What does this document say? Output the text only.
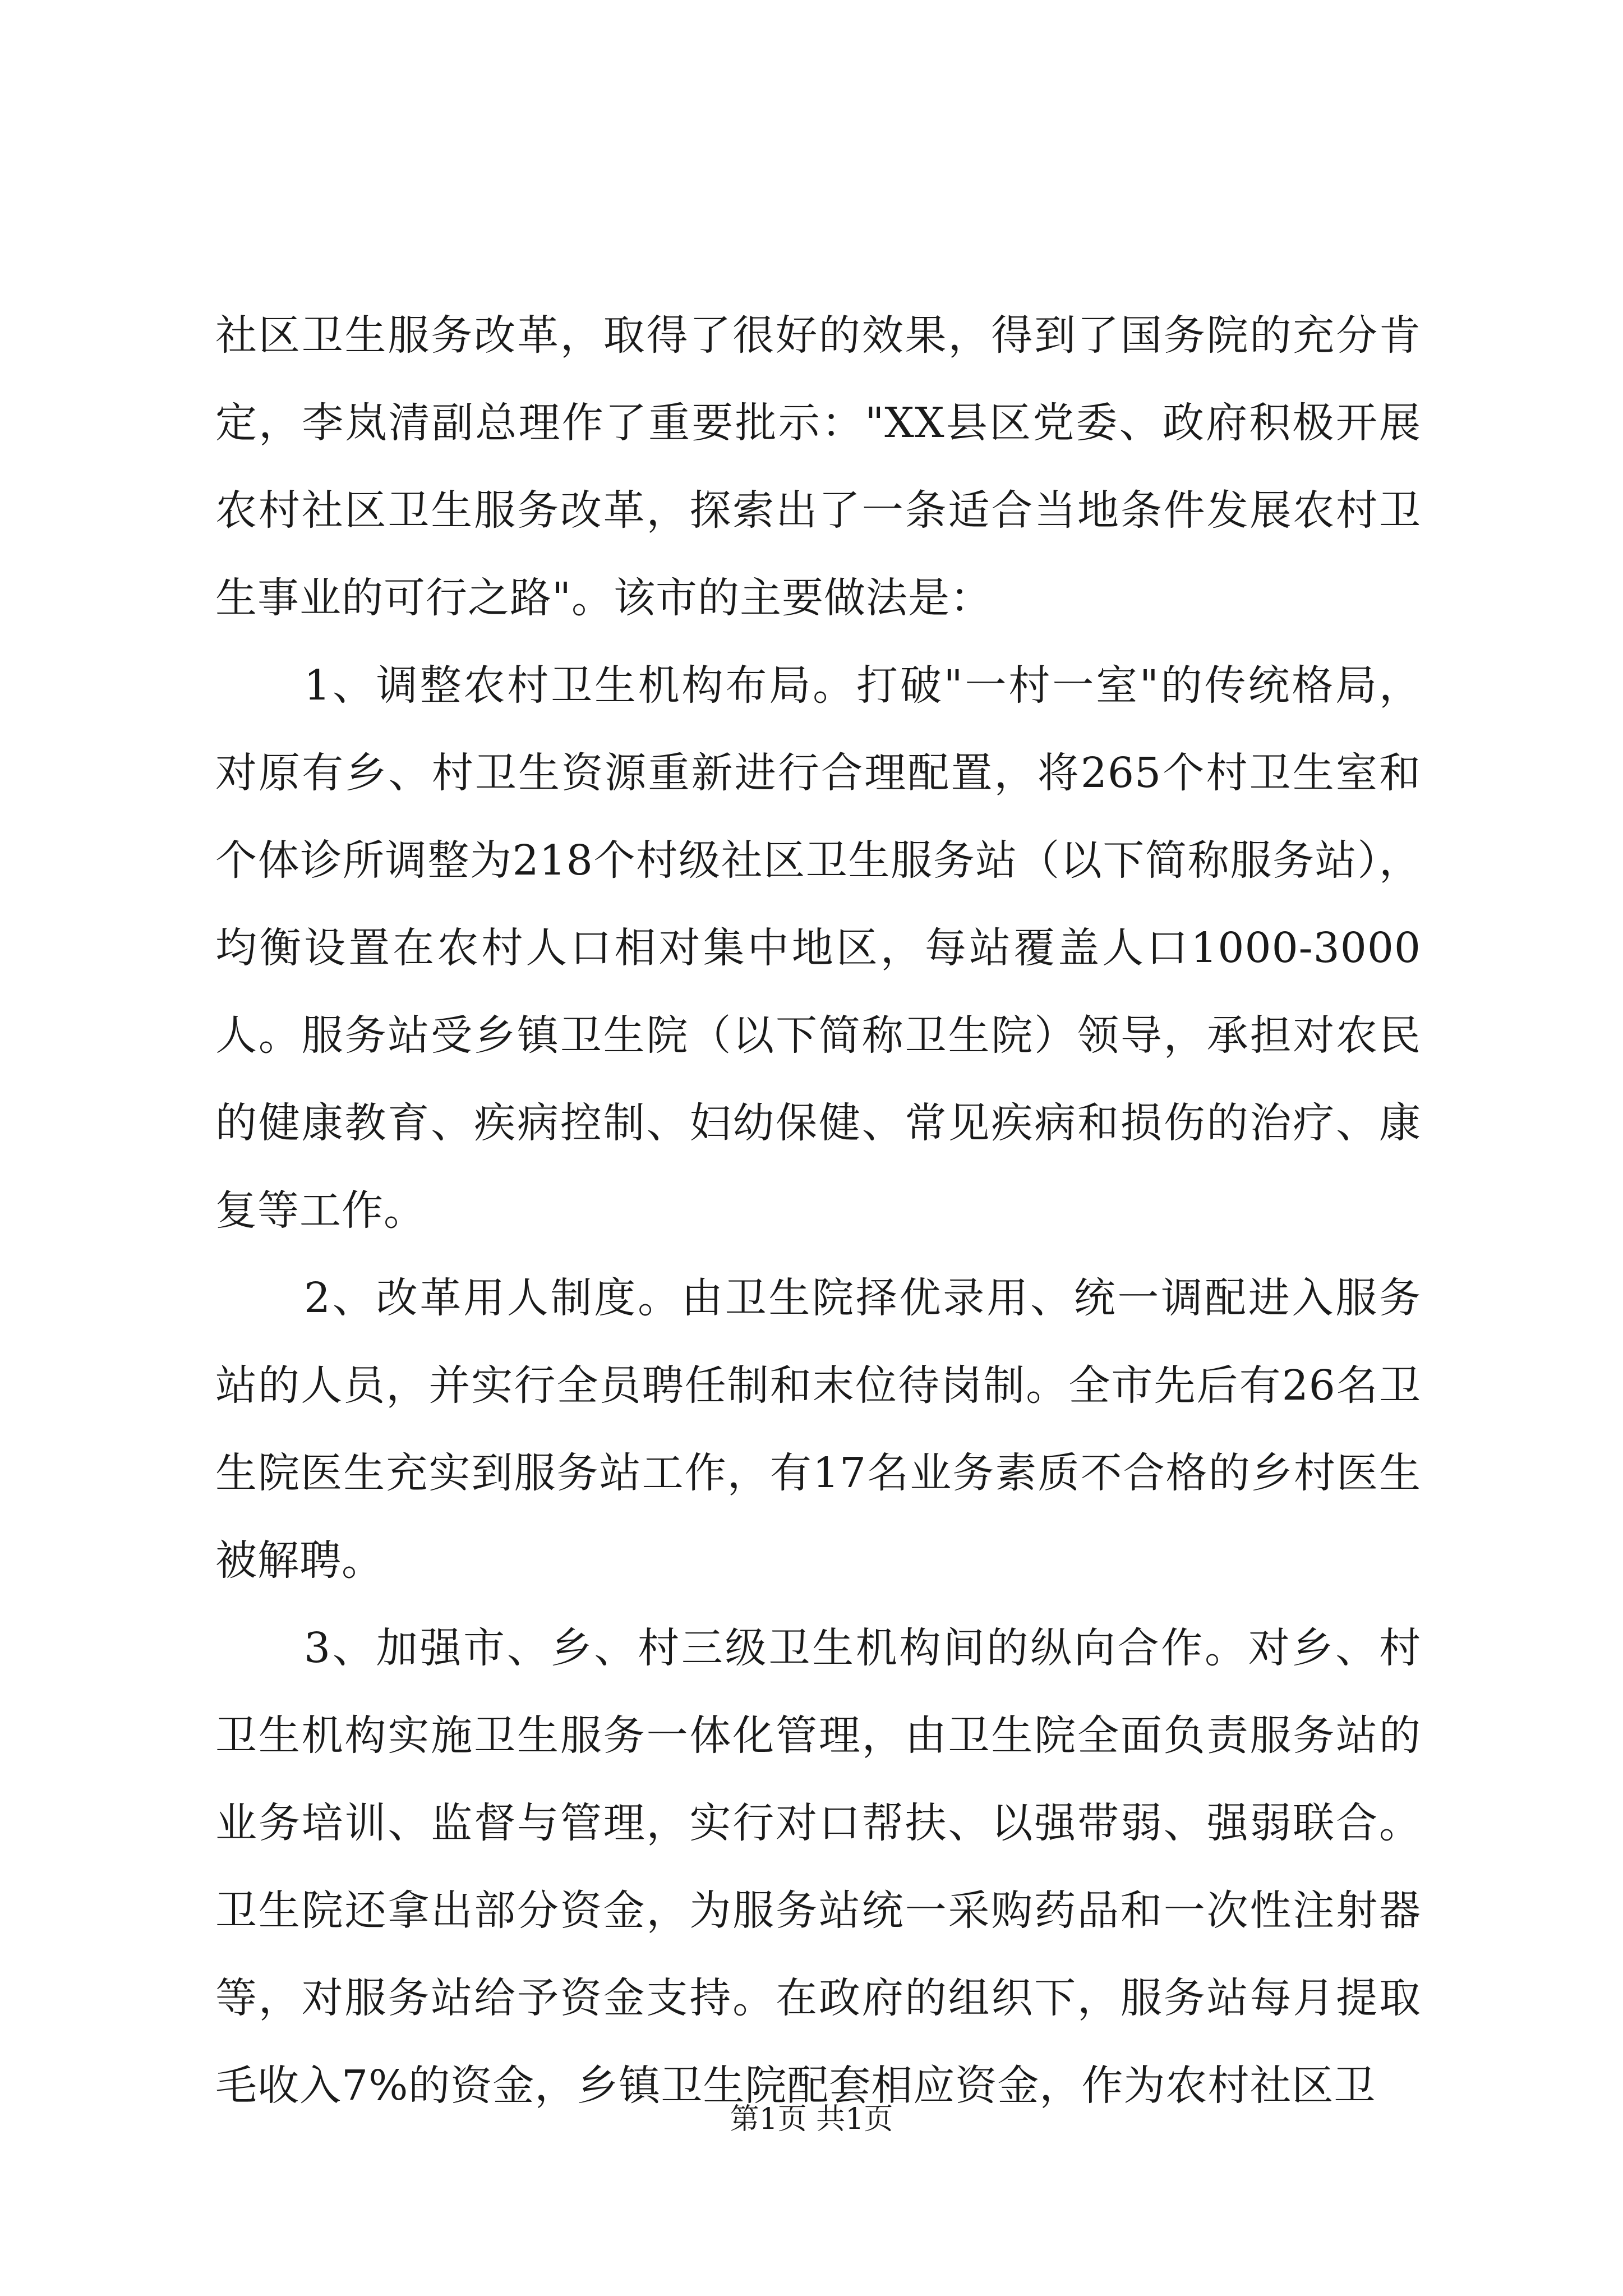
社区卫生服务改革，取得了很好的效果，得到了国务院的充分肯定，李岚清副总理作了重要批示："XX县区党委、政府积极开展农村社区卫生服务改革，探索出了一条适合当地条件发展农村卫生事业的可行之路"。该市的主要做法是：

1、调整农村卫生机构布局。打破"一村一室"的传统格局，对原有乡、村卫生资源重新进行合理配置，将265个村卫生室和个体诊所调整为218个村级社区卫生服务站（以下简称服务站），均衡设置在农村人口相对集中地区，每站覆盖人口1000-3000人。服务站受乡镇卫生院（以下简称卫生院）领导，承担对农民的健康教育、疾病控制、妇幼保健、常见疾病和损伤的治疗、康复等工作。

2、改革用人制度。由卫生院择优录用、统一调配进入服务站的人员，并实行全员聘任制和末位待岗制。全市先后有26名卫生院医生充实到服务站工作，有17名业务素质不合格的乡村医生被解聘。

3、加强市、乡、村三级卫生机构间的纵向合作。对乡、村卫生机构实施卫生服务一体化管理，由卫生院全面负责服务站的业务培训、监督与管理，实行对口帮扶、以强带弱、强弱联合。卫生院还拿出部分资金，为服务站统一采购药品和一次性注射器等，对服务站给予资金支持。在政府的组织下，服务站每月提取毛收入7%的资金，乡镇卫生院配套相应资金，作为农村社区卫

第1页 共1页
